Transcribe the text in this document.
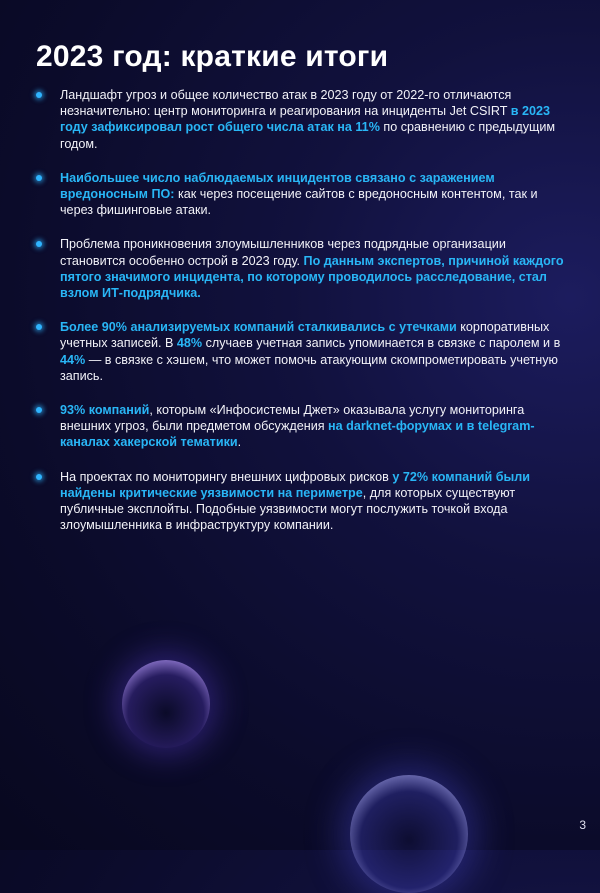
2023 год: краткие итоги
Ландшафт угроз и общее количество атак в 2023 году от 2022-го отличаются незначительно: центр мониторинга и реагирования на инциденты Jet CSIRT в 2023 году зафиксировал рост общего числа атак на 11% по сравнению с предыдущим годом.
Наибольшее число наблюдаемых инцидентов связано с заражением вредоносным ПО: как через посещение сайтов с вредоносным контентом, так и через фишинговые атаки.
Проблема проникновения злоумышленников через подрядные организации становится особенно острой в 2023 году. По данным экспертов, причиной каждого пятого значимого инцидента, по которому проводилось расследование, стал взлом ИТ-подрядчика.
Более 90% анализируемых компаний сталкивались с утечками корпоративных учетных записей. В 48% случаев учетная запись упоминается в связке с паролем и в 44% — в связке с хэшем, что может помочь атакующим скомпрометировать учетную запись.
93% компаний, которым «Инфосистемы Джет» оказывала услугу мониторинга внешних угроз, были предметом обсуждения на darknet-форумах и в telegram-каналах хакерской тематики.
На проектах по мониторингу внешних цифровых рисков у 72% компаний были найдены критические уязвимости на периметре, для которых существуют публичные эксплойты. Подобные уязвимости могут послужить точкой входа злоумышленника в инфраструктуру компании.
3
